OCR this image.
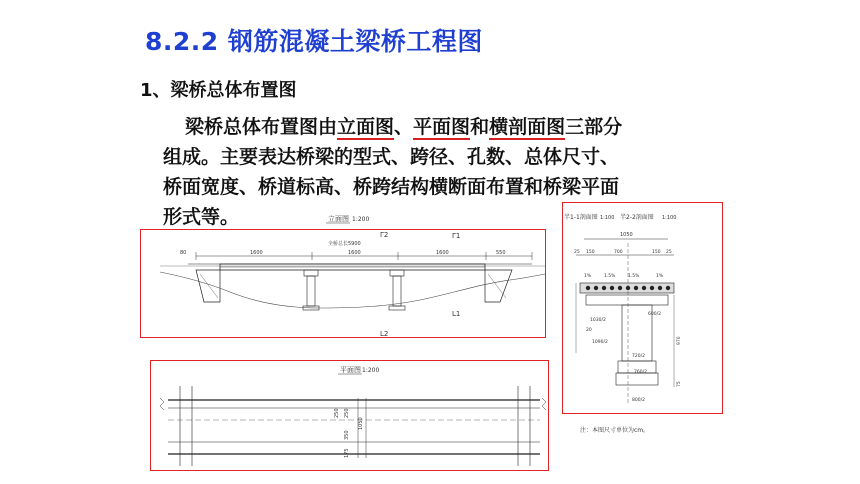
8.2.2 钢筋混凝土梁桥工程图
1、梁桥总体布置图
梁桥总体布置图由立面图、平面图和横剖面图三部分
组成。主要表达桥梁的型式、跨径、孔数、总体尺寸、
桥面宽度、桥道标高、桥跨结构横断面布置和桥梁平面
形式等。	立面图 1:200
全桥总长5900
Γ2	Γ1
1600	1600	1600	550
80
L1
L2
平面图 1:200
250
1050
350
250
175
半1-1剖面图 1:100 半2-2剖面图 1:100
1050
25 150	700	150 25
1%	1.5%	1.5%	1%
1030/2
600/2
1090/2
20
720/2
760/2
800/2
970
75
注：本图尺寸单位为cm。
